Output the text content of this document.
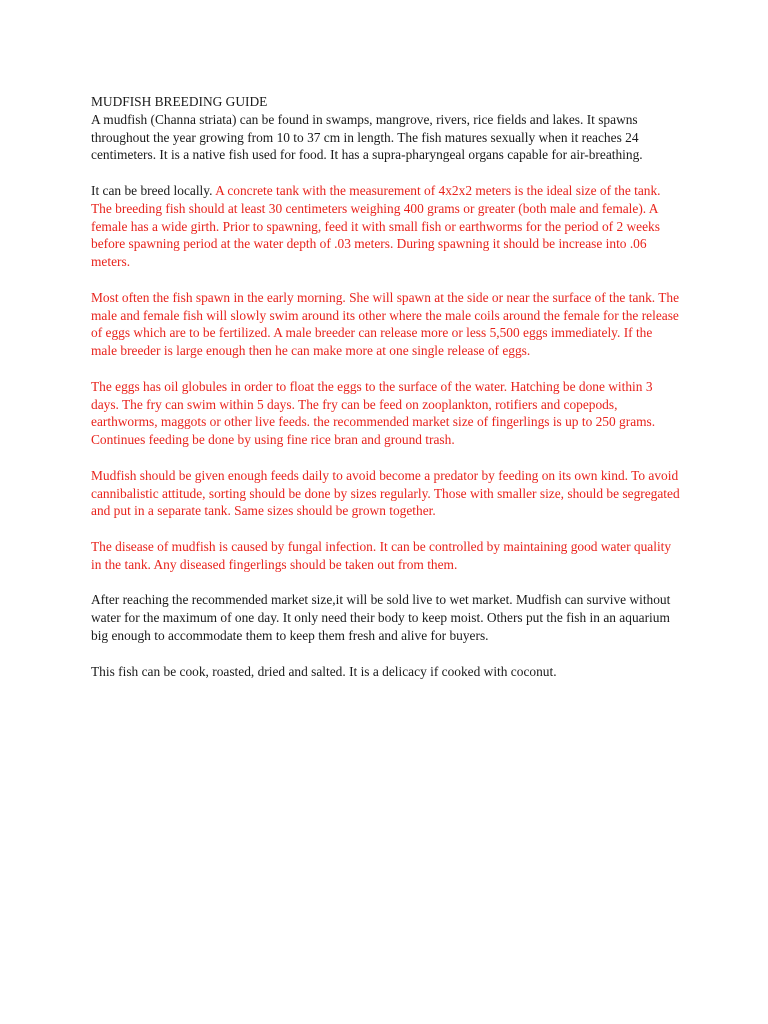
MUDFISH BREEDING GUIDE

A mudfish (Channa striata) can be found in swamps, mangrove, rivers, rice fields and lakes. It spawns throughout the year growing from 10 to 37 cm in length. The fish matures sexually when it reaches 24 centimeters. It is a native fish used for food. It has a supra-pharyngeal organs capable for air-breathing.

It can be breed locally. A concrete tank with the measurement of 4x2x2 meters is the ideal size of the tank. The breeding fish should at least 30 centimeters weighing 400 grams or greater (both male and female). A female has a wide girth. Prior to spawning, feed it with small fish or earthworms for the period of 2 weeks before spawning period at the water depth of .03 meters. During spawning it should be increase into .06 meters.

Most often the fish spawn in the early morning. She will spawn at the side or near the surface of the tank. The male and female fish will slowly swim around its other where the male coils around the female for the release of eggs which are to be fertilized. A male breeder can release more or less 5,500 eggs immediately. If the male breeder is large enough then he can make more at one single release of eggs.

The eggs has oil globules in order to float the eggs to the surface of the water. Hatching be done within 3 days. The fry can swim within 5 days. The fry can be feed on zooplankton, rotifiers and copepods, earthworms, maggots or other live feeds. the recommended market size of fingerlings is up to 250 grams. Continues feeding be done by using fine rice bran and ground trash.

Mudfish should be given enough feeds daily to avoid become a predator by feeding on its own kind. To avoid cannibalistic attitude, sorting should be done by sizes regularly. Those with smaller size, should be segregated and put in a separate tank. Same sizes should be grown together.

The disease of mudfish is caused by fungal infection. It can be controlled by maintaining good water quality in the tank. Any diseased fingerlings should be taken out from them.

After reaching the recommended market size,it will be sold live to wet market. Mudfish can survive without water for the maximum of one day. It only need their body to keep moist. Others put the fish in an aquarium big enough to accommodate them to keep them fresh and alive for buyers.

This fish can be cook, roasted, dried and salted. It is a delicacy if cooked with coconut.
